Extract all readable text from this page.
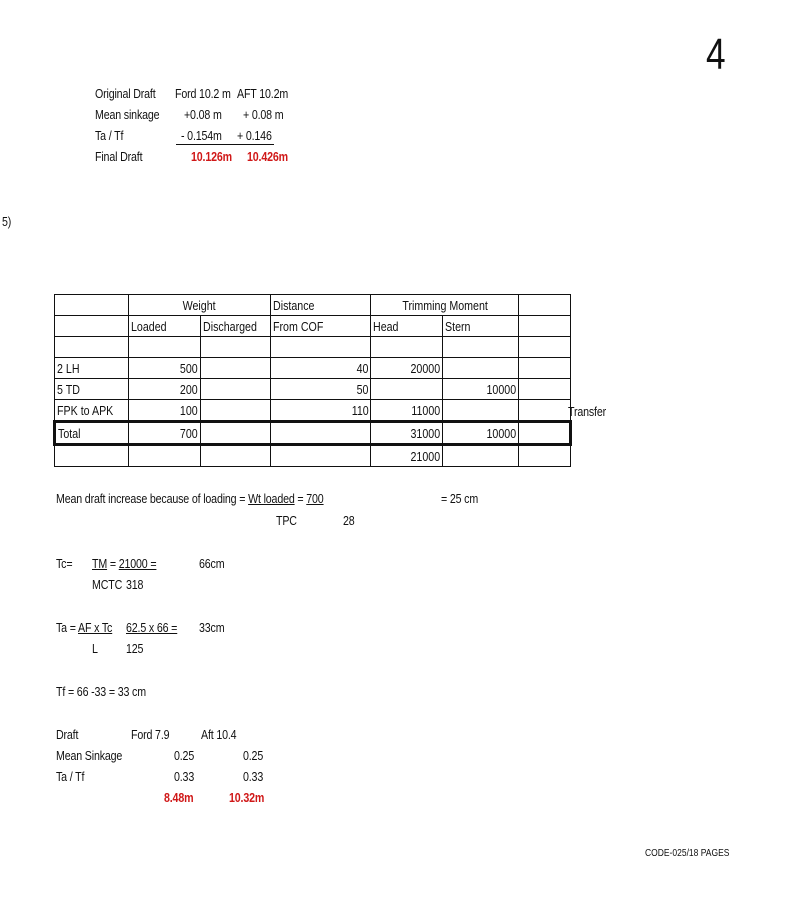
4
Original Draft Ford 10.2 m AFT 10.2m
Mean sinkage +0.08 m + 0.08 m
Ta / Tf	- 0.154m + 0.146
Final Draft	10.126m 10.426m
5)
	Weight		Distance	Trimming Moment		
	Loaded	Discharged	From COF	Head	Stern	

2 LH	500		40	20000		
5 TD	200		50		10000	
FPK to APK	100		110	11000		
Total	700			31000	10000	
				21000		
Transfer
Mean draft increase because of loading = Wt loaded = 700	= 25 cm
TPC	28
Tc= TM = 21000 =	66cm
MCTC 318
Ta = AF x Tc 62.5 x 66 = 33cm
L 125
Tf = 66 -33 = 33 cm
Draft	Ford 7.9 Aft 10.4
Mean Sinkage	0.25	0.25
Ta / Tf	0.33	0.33
8.48m	10.32m
CODE-025/18 PAGES
